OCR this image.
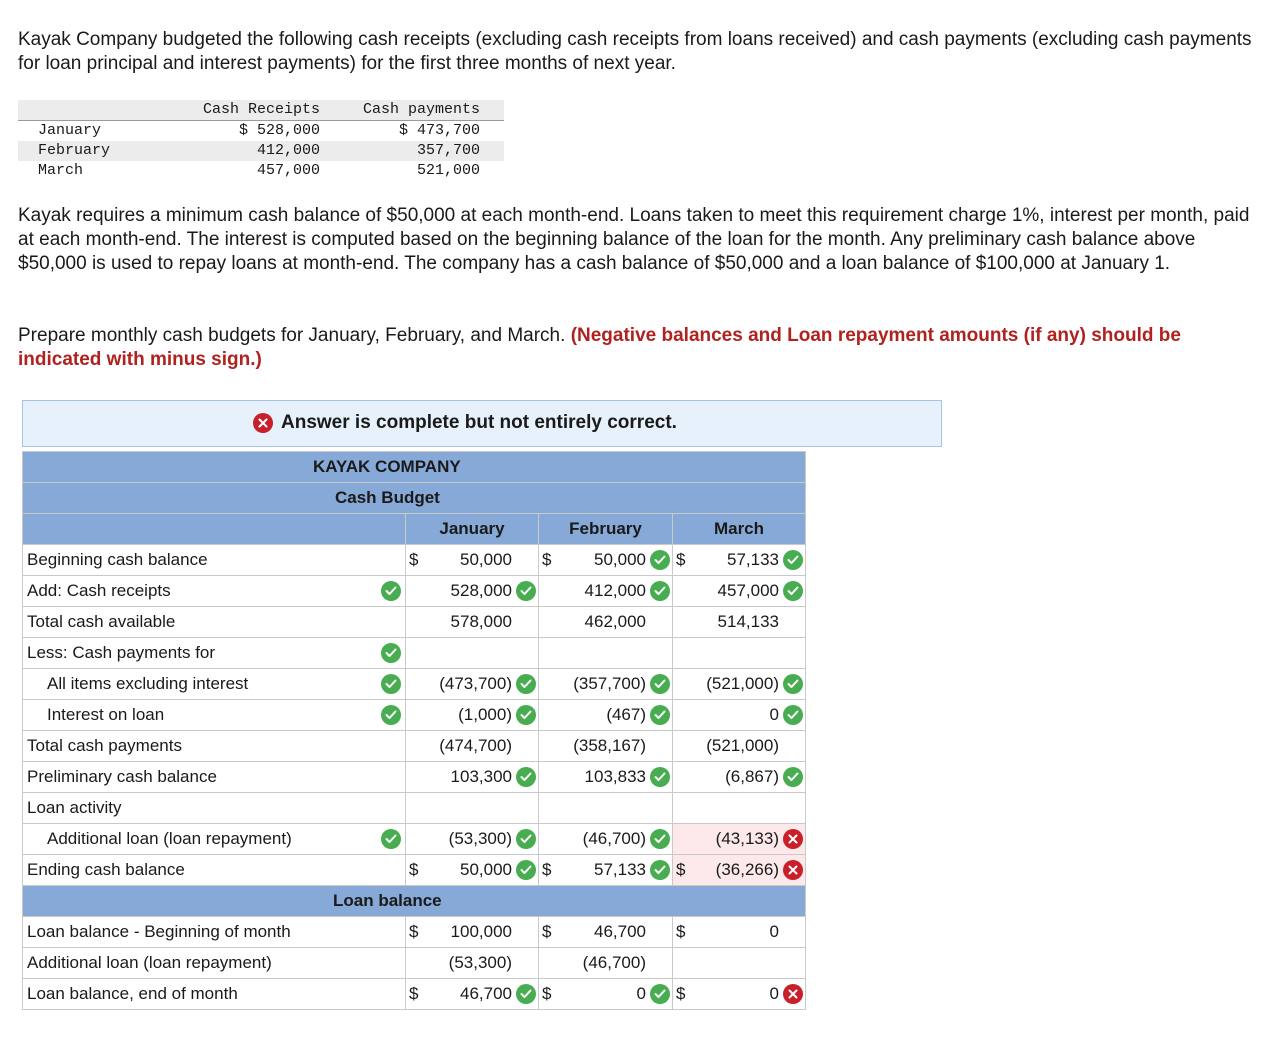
Kayak Company budgeted the following cash receipts (excluding cash receipts from loans received) and cash payments (excluding cash payments for loan principal and interest payments) for the first three months of next year.
	Cash Receipts	Cash payments
January	$ 528,000	$ 473,700
February	412,000	357,700
March	457,000	521,000
Kayak requires a minimum cash balance of $50,000 at each month-end. Loans taken to meet this requirement charge 1%, interest per month, paid at each month-end. The interest is computed based on the beginning balance of the loan for the month. Any preliminary cash balance above $50,000 is used to repay loans at month-end. The company has a cash balance of $50,000 and a loan balance of $100,000 at January 1.
Prepare monthly cash budgets for January, February, and March. (Negative balances and Loan repayment amounts (if any) should be indicated with minus sign.)
Answer is complete but not entirely correct.
KAYAK COMPANY			
Cash Budget			
	January	February	March
Beginning cash balance	$ 50,000	$ 50,000	$ 57,133

Add: Cash receipts	528,000	412,000	457,000

Total cash available	578,000	462,000	514,133

Less: Cash payments for

All items excluding interest	(473,700)	(357,700)	(521,000)

Interest on loan	(1,000)	(467)	0

Total cash payments	(474,700)	(358,167)	(521,000)

Preliminary cash balance	103,300	103,833	(6,867)

Loan activity			
Additional loan (loan repayment)	(53,300)	(46,700)	(43,133)

Ending cash balance	$ 50,000	$ 57,133	$ (36,266)

Loan balance			
Loan balance - Beginning of month	$ 100,000	$ 46,700	$ 0

Additional loan (loan repayment)	(53,300)	(46,700)	

Loan balance, end of month	$ 46,700	$ 0	$ 0
